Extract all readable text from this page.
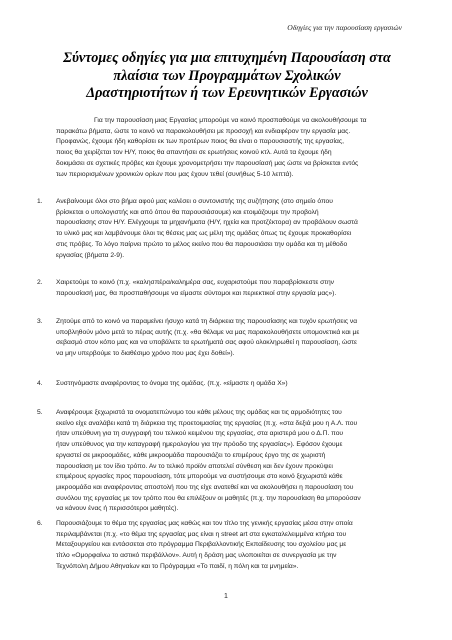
Οδηγίες για την παρουσίαση εργασιών
Σύντομες οδηγίες για μια επιτυχημένη Παρουσίαση στα
πλαίσια των Προγραμμάτων Σχολικών
Δραστηριοτήτων ή των Ερευνητικών Εργασιών
Για την παρουσίαση μιας Εργασίας μπορούμε να κοινό προσπαθούμε να ακολουθήσουμε τα
παρακάτω βήματα, ώστε το κοινό να παρακολουθήσει με προσοχή και ενδιαφέρον την εργασία μας.
Προφανώς, έχουμε ήδη καθορίσει εκ των προτέρων ποιος θα είναι ο παρουσιαστής της εργασίας,
ποιος θα χειρίζεται τον Η/Υ, ποιος θα απαντήσει σε ερωτήσεις κοινού κτλ. Αυτά τα έχουμε ήδη
δοκιμάσει σε σχετικές πρόβες και έχουμε χρονομετρήσει την παρουσίασή μας ώστε να βρίσκεται εντός
των περιορισμένων χρονικών ορίων που μας έχουν τεθεί (συνήθως 5-10 λεπτά).
1. Ανεβαίνουμε όλοι στο βήμα αφού μας καλέσει ο συντονιστής της συζήτησης (στο σημείο όπου
βρίσκεται ο υπολογιστής και από όπου θα παρουσιάσουμε) και ετοιμάζουμε την προβολή
παρουσίασης στον Η/Υ. Ελέγχουμε τα μηχανήματα (Η/Υ, ηχεία και προτζέκτορα) αν προβάλουν σωστά
το υλικό μας και λαμβάνουμε όλοι τις θέσεις μας ως μέλη της ομάδας όπως τις έχουμε προκαθορίσει
στις πρόβες. Το λόγο παίρνει πρώτο το μέλος εκείνο που θα παρουσιάσει την ομάδα και τη μέθοδο
εργασίας (βήματα 2-9).
2. Χαιρετούμε το κοινό (π.χ. «καλησπέρα/καλημέρα σας, ευχαριστούμε που παραβρίσκεστε στην
παρουσίασή μας, θα προσπαθήσουμε να είμαστε σύντομοι και περιεκτικοί στην εργασία μας»).
3. Ζητούμε από το κοινό να παραμείνει ήσυχο κατά τη διάρκεια της παρουσίασης και τυχόν ερωτήσεις να
υποβληθούν μόνο μετά το πέρας αυτής (π.χ. «θα θέλαμε να μας παρακολουθήσετε υπομονετικά και με
σεβασμό στον κόπο μας και να υποβάλετε τα ερωτήματά σας αφού ολοκληρωθεί η παρουσίαση, ώστε
να μην υπερβούμε το διαθέσιμο χρόνο που μας έχει δοθεί»).
4. Συστηνόμαστε αναφέροντας το όνομα της ομάδας. (π.χ. «είμαστε η ομάδα Χ»)
5. Αναφέρουμε ξεχωριστά τα ονοματεπώνυμο του κάθε μέλους της ομάδας και τις αρμοδιότητες του
εκείνο είχε αναλάβει κατά τη διάρκεια της προετοιμασίας της εργασίας (π.χ. «στα δεξιά μου η Α.Λ. που
ήταν υπεύθυνη για τη συγγραφή του τελικού κειμένου της εργασίας, στα αριστερά μου ο Δ.Π. που
ήταν υπεύθυνος για την καταγραφή ημερολογίου για την πρόοδο της εργασίας»). Εφόσον έχουμε
εργαστεί σε μικροομάδες, κάθε μικροομάδα παρουσιάζει το επιμέρους έργο της σε χωριστή
παρουσίαση με τον ίδιο τρόπο. Αν το τελικό προϊόν αποτελεί σύνθεση και δεν έχουν προκύψει
επιμέρους εργασίες προς παρουσίαση, τότε μπορούμε να συστήσουμε στο κοινό ξεχωριστά κάθε
μικροομάδα και αναφέροντας αποστολή που της είχε ανατεθεί και να ακολουθήσει η παρουσίαση του
συνόλου της εργασίας με τον τρόπο που θα επιλέξουν οι μαθητές (π.χ. την παρουσίαση θα μπορούσαν
να κάνουν ένας ή περισσότεροι μαθητές).
6. Παρουσιάζουμε το θέμα της εργασίας μας καθώς και τον τίτλο της γενικής εργασίας μέσα στην οποία
περιλαμβάνεται (π.χ. «το θέμα της εργασίας μας είναι η street art στα εγκαταλελειμμένα κτήρια του
Μεταξουργείου και εντάσσεται στο πρόγραμμα Περιβαλλοντικής Εκπαίδευσης του σχολείου μας με
τίτλο «Ομορφαίνω το αστικό περιβάλλον». Αυτή η δράση μας υλοποιείται σε συνεργασία με την
Τεχνόπολη Δήμου Αθηναίων και το Πρόγραμμα «Το παιδί, η πόλη και τα μνημεία».
1
